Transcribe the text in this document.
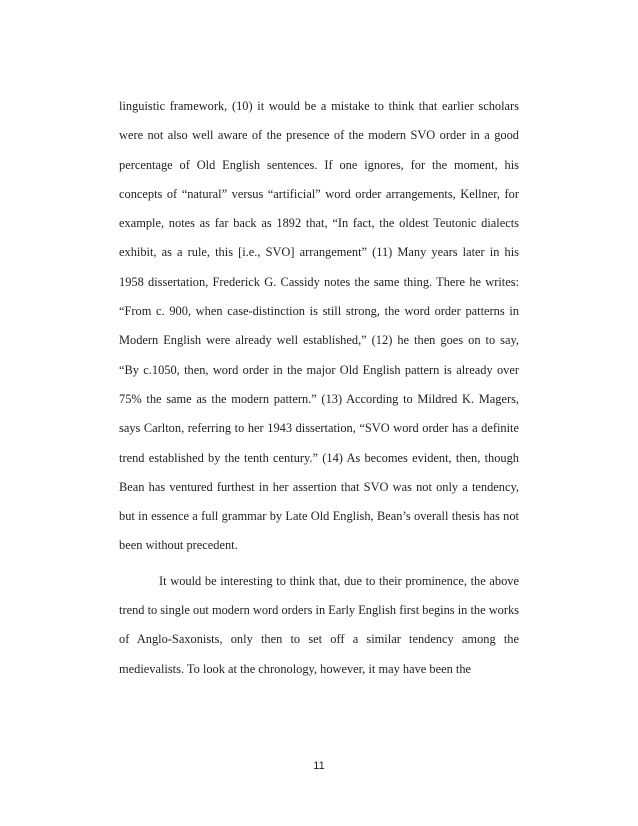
linguistic framework, (10) it would be a mistake to think that earlier scholars were not also well aware of the presence of the modern SVO order in a good percentage of Old English sentences. If one ignores, for the moment, his concepts of “natural” versus “artificial” word order arrangements, Kellner, for example, notes as far back as 1892 that, “In fact, the oldest Teutonic dialects exhibit, as a rule, this [i.e., SVO] arrangement” (11) Many years later in his 1958 dissertation, Frederick G. Cassidy notes the same thing. There he writes: “From c. 900, when case-distinction is still strong, the word order patterns in Modern English were already well established,” (12) he then goes on to say, “By c.1050, then, word order in the major Old English pattern is already over 75% the same as the modern pattern.” (13) According to Mildred K. Magers, says Carlton, referring to her 1943 dissertation, “SVO word order has a definite trend established by the tenth century.” (14) As becomes evident, then, though Bean has ventured furthest in her assertion that SVO was not only a tendency, but in essence a full grammar by Late Old English, Bean’s overall thesis has not been without precedent.

It would be interesting to think that, due to their prominence, the above trend to single out modern word orders in Early English first begins in the works of Anglo-Saxonists, only then to set off a similar tendency among the medievalists. To look at the chronology, however, it may have been the

11
